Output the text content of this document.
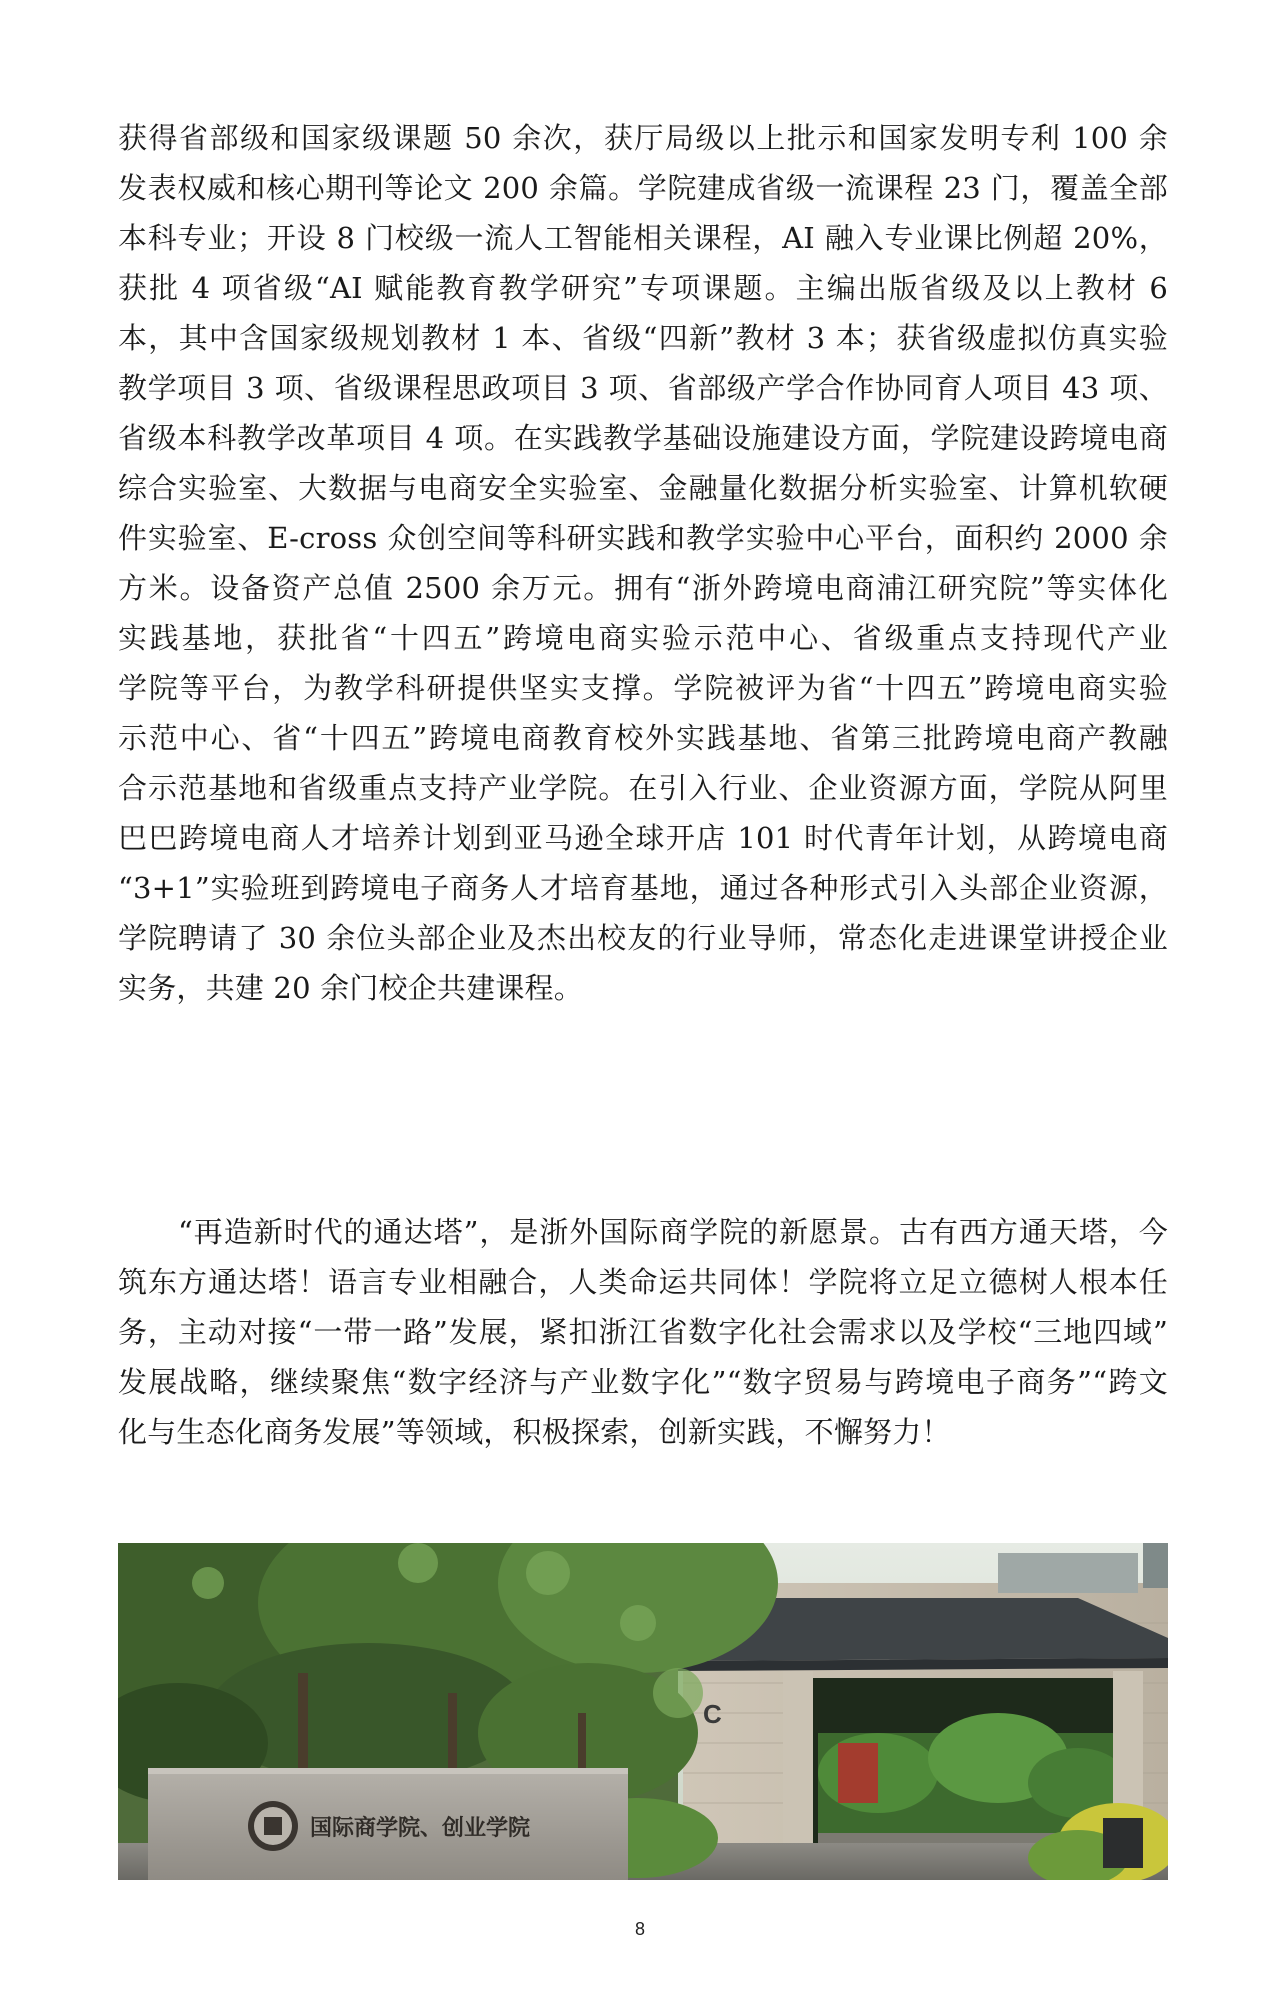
获得省部级和国家级课题 50 余次，获厅局级以上批示和国家发明专利 100 余
发表权威和核心期刊等论文 200 余篇。学院建成省级一流课程 23 门，覆盖全部
本科专业；开设 8 门校级一流人工智能相关课程，AI 融入专业课比例超 20%，
获批 4 项省级“AI 赋能教育教学研究”专项课题。主编出版省级及以上教材 6
本，其中含国家级规划教材 1 本、省级“四新”教材 3 本；获省级虚拟仿真实验
教学项目 3 项、省级课程思政项目 3 项、省部级产学合作协同育人项目 43 项、
省级本科教学改革项目 4 项。在实践教学基础设施建设方面，学院建设跨境电商
综合实验室、大数据与电商安全实验室、金融量化数据分析实验室、计算机软硬
件实验室、E-cross 众创空间等科研实践和教学实验中心平台，面积约 2000 余
方米。设备资产总值 2500 余万元。拥有“浙外跨境电商浦江研究院”等实体化
实践基地，获批省“十四五”跨境电商实验示范中心、省级重点支持现代产业
学院等平台，为教学科研提供坚实支撑。学院被评为省“十四五”跨境电商实验
示范中心、省“十四五”跨境电商教育校外实践基地、省第三批跨境电商产教融
合示范基地和省级重点支持产业学院。在引入行业、企业资源方面，学院从阿里
巴巴跨境电商人才培养计划到亚马逊全球开店 101 时代青年计划，从跨境电商
“3+1”实验班到跨境电子商务人才培育基地，通过各种形式引入头部企业资源，
学院聘请了 30 余位头部企业及杰出校友的行业导师，常态化走进课堂讲授企业
实务，共建 20 余门校企共建课程。
“再造新时代的通达塔”，是浙外国际商学院的新愿景。古有西方通天塔，今
筑东方通达塔！语言专业相融合，人类命运共同体！学院将立足立德树人根本任
务，主动对接“一带一路”发展，紧扣浙江省数字化社会需求以及学校“三地四域”
发展战略，继续聚焦“数字经济与产业数字化”“数字贸易与跨境电子商务”“跨文
化与生态化商务发展”等领域，积极探索，创新实践，不懈努力！
C
国际商学院、创业学院
8
